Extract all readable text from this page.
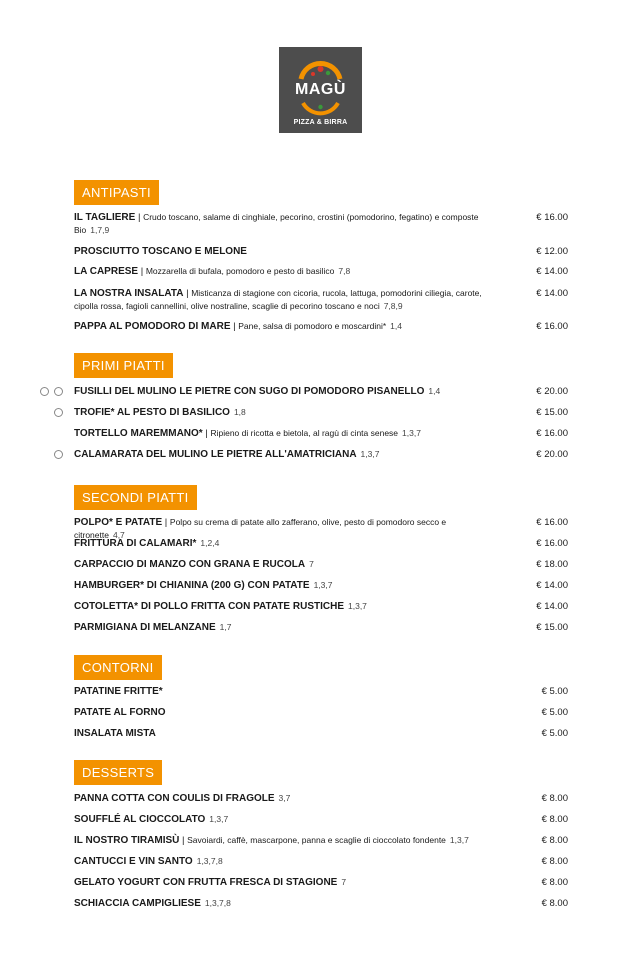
MAGÙ
PIZZA & BIRRA
ANTIPASTI
IL TAGLIERE | Crudo toscano, salame di cinghiale, pecorino, crostini (pomodorino, fegatino) e composte Bio 1,7,9
€ 16.00
PROSCIUTTO TOSCANO E MELONE	€ 12.00
LA CAPRESE | Mozzarella di bufala, pomodoro e pesto di basilico 7,8	€ 14.00
LA NOSTRA INSALATA | Misticanza di stagione con cicoria, rucola, lattuga, pomodorini ciliegia, carote, cipolla rossa, fagioli cannellini, olive nostraline, scaglie di pecorino toscano e noci 7,8,9
€ 14.00
PAPPA AL POMODORO DI MARE | Pane, salsa di pomodoro e moscardini* 1,4	€ 16.00
PRIMI PIATTI
FUSILLI DEL MULINO LE PIETRE CON SUGO DI POMODORO PISANELLO 1,4	€ 20.00
TROFIE* AL PESTO DI BASILICO 1,8	€ 15.00
TORTELLO MAREMMANO* | Ripieno di ricotta e bietola, al ragù di cinta senese 1,3,7	€ 16.00
CALAMARATA DEL MULINO LE PIETRE ALL'AMATRICIANA 1,3,7	€ 20.00
SECONDI PIATTI
POLPO* E PATATE | Polpo su crema di patate allo zafferano, olive, pesto di pomodoro secco e citronette 4,7
€ 16.00
FRITTURA DI CALAMARI* 1,2,4	€ 16.00
CARPACCIO DI MANZO CON GRANA E RUCOLA 7	€ 18.00
HAMBURGER* DI CHIANINA (200 G) CON PATATE 1,3,7	€ 14.00
COTOLETTA* DI POLLO FRITTA CON PATATE RUSTICHE 1,3,7	€ 14.00
PARMIGIANA DI MELANZANE 1,7	€ 15.00
CONTORNI
PATATINE FRITTE*	€ 5.00
PATATE AL FORNO	€ 5.00
INSALATA MISTA	€ 5.00
DESSERTS
PANNA COTTA CON COULIS DI FRAGOLE 3,7	€ 8.00
SOUFFLÉ AL CIOCCOLATO 1,3,7	€ 8.00
IL NOSTRO TIRAMISÙ | Savoiardi, caffè, mascarpone, panna e scaglie di cioccolato fondente 1,3,7	€ 8.00
CANTUCCI E VIN SANTO 1,3,7,8	€ 8.00
GELATO YOGURT CON FRUTTA FRESCA DI STAGIONE 7	€ 8.00
SCHIACCIA CAMPIGLIESE 1,3,7,8	€ 8.00
